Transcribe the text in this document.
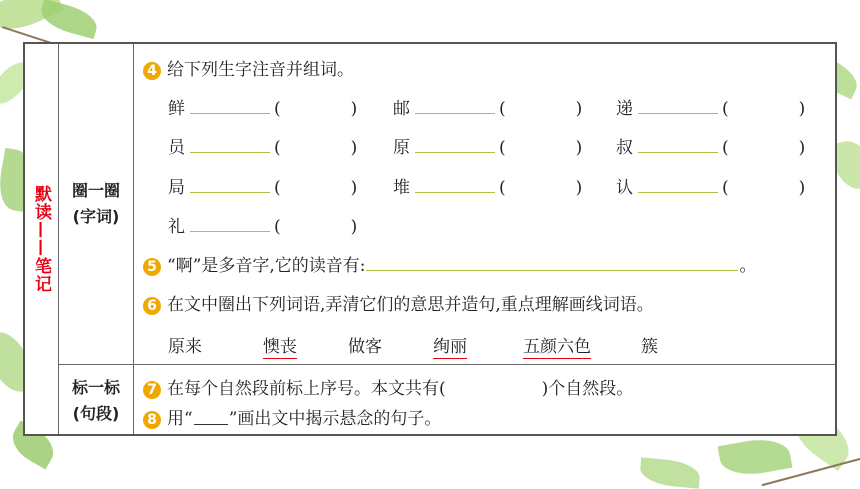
默读——笔记 圈一圈
(字词)
标一标
(句段)
4 给下列生字注音并组词。
鲜	(	) 邮	(	) 递	(	)
员	(	) 原	(	) 叔	(	)
局	(	) 堆	(	) 认	(	)
礼	(	)
5 “啊”是多音字,它的读音有:	。
6 在文中圈出下列词语,弄清它们的意思并造句,重点理解画线词语。
原来	懊丧	做客	绚丽	五颜六色	簇
7 在每个自然段前标上序号。本文共有(	)个自然段。
8 用“ ”画出文中揭示悬念的句子。
